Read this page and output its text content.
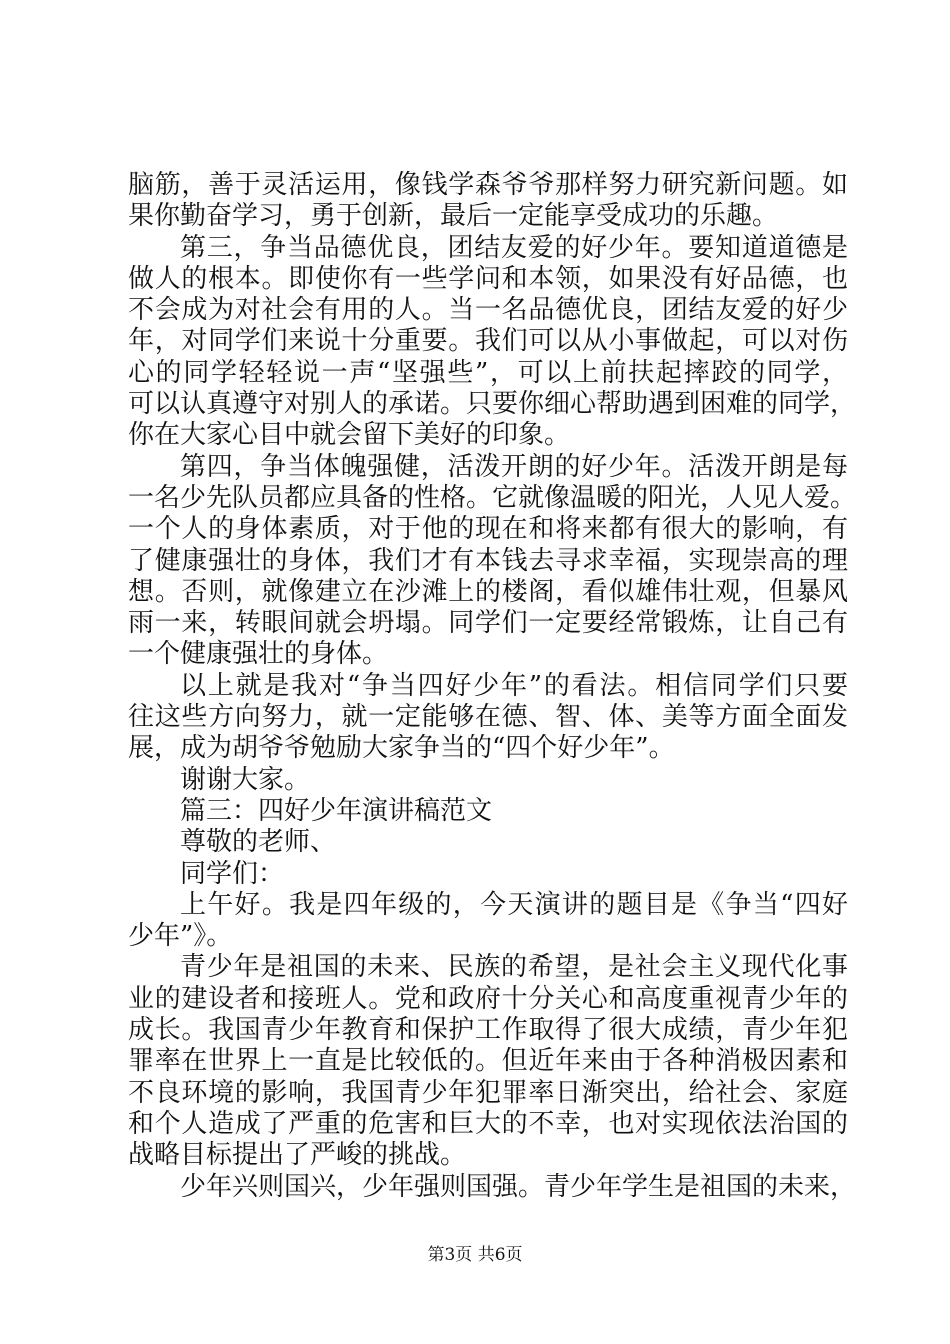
脑筋，善于灵活运用，像钱学森爷爷那样努力研究新问题。如
果你勤奋学习，勇于创新，最后一定能享受成功的乐趣。
第三，争当品德优良，团结友爱的好少年。要知道道德是
做人的根本。即使你有一些学问和本领，如果没有好品德，也
不会成为对社会有用的人。当一名品德优良，团结友爱的好少
年，对同学们来说十分重要。我们可以从小事做起，可以对伤
心的同学轻轻说一声“坚强些”，可以上前扶起摔跤的同学，
可以认真遵守对别人的承诺。只要你细心帮助遇到困难的同学，
你在大家心目中就会留下美好的印象。
第四，争当体魄强健，活泼开朗的好少年。活泼开朗是每
一名少先队员都应具备的性格。它就像温暖的阳光，人见人爱。
一个人的身体素质，对于他的现在和将来都有很大的影响，有
了健康强壮的身体，我们才有本钱去寻求幸福，实现崇高的理
想。否则，就像建立在沙滩上的楼阁，看似雄伟壮观，但暴风
雨一来，转眼间就会坍塌。同学们一定要经常锻炼，让自己有
一个健康强壮的身体。
以上就是我对“争当四好少年”的看法。相信同学们只要
往这些方向努力，就一定能够在德、智、体、美等方面全面发
展，成为胡爷爷勉励大家争当的“四个好少年”。
谢谢大家。
篇三：四好少年演讲稿范文
尊敬的老师、
同学们：
上午好。我是四年级的，今天演讲的题目是《争当“四好
少年”》。
青少年是祖国的未来、民族的希望，是社会主义现代化事
业的建设者和接班人。党和政府十分关心和高度重视青少年的
成长。我国青少年教育和保护工作取得了很大成绩，青少年犯
罪率在世界上一直是比较低的。但近年来由于各种消极因素和
不良环境的影响，我国青少年犯罪率日渐突出，给社会、家庭
和个人造成了严重的危害和巨大的不幸，也对实现依法治国的
战略目标提出了严峻的挑战。
少年兴则国兴，少年强则国强。青少年学生是祖国的未来，
第3页 共6页
